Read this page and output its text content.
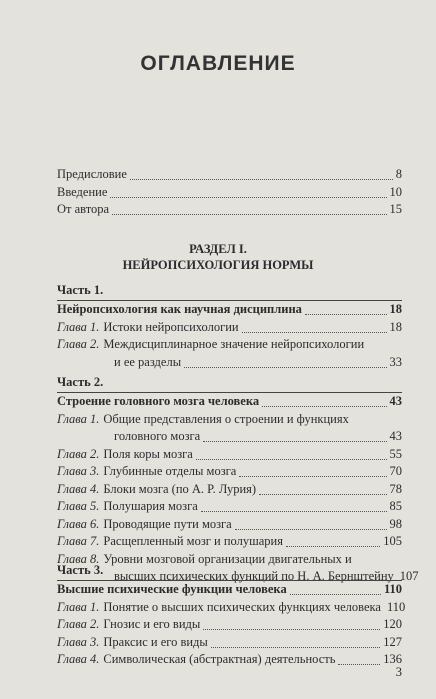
ОГЛАВЛЕНИЕ
Предисловие	8
Введение	10
От автора	15
РАЗДЕЛ I.
НЕЙРОПСИХОЛОГИЯ НОРМЫ
Часть 1.
Нейропсихология как научная дисциплина	18
Глава 1. Истоки нейропсихологии	18
Глава 2. Междисциплинарное значение нейропсихологии
и ее разделы	33
Часть 2.
Строение головного мозга человека	43
Глава 1. Общие представления о строении и функциях
головного мозга	43
Глава 2. Поля коры мозга	55
Глава 3. Глубинные отделы мозга	70
Глава 4. Блоки мозга (по А. Р. Лурия)	78
Глава 5. Полушария мозга	85
Глава 6. Проводящие пути мозга	98
Глава 7. Расщепленный мозг и полушария	105
Глава 8. Уровни мозговой организации двигательных и
высших психических функций по Н. А. Бернштейну 107
Часть 3.
Высшие психические функции человека	110
Глава 1. Понятие о высших психических функциях человека 110
Глава 2. Гнозис и его виды	120
Глава 3. Праксис и его виды	127
Глава 4. Символическая (абстрактная) деятельность	136
3
